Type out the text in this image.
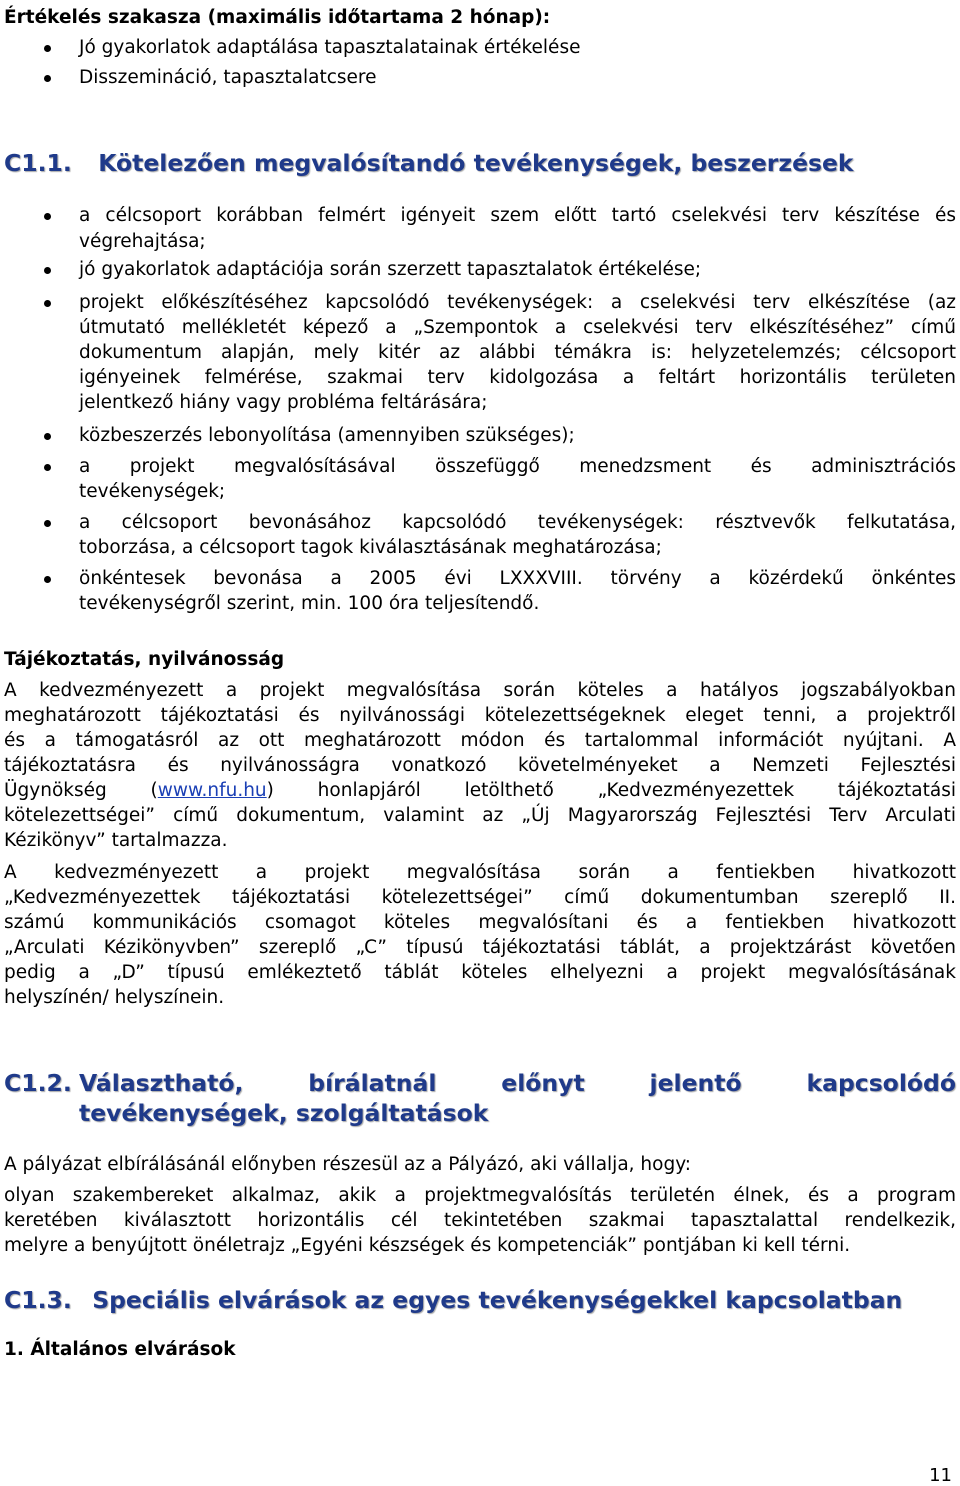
Értékelés szakasza (maximális időtartama 2 hónap):
Jó gyakorlatok adaptálása tapasztalatainak értékelése
Disszemináció, tapasztalatcsere
C1.1. Kötelezően megvalósítandó tevékenységek, beszerzések
a célcsoport korábban felmért igényeit szem előtt tartó cselekvési terv készítése és
végrehajtása;
jó gyakorlatok adaptációja során szerzett tapasztalatok értékelése;
projekt előkészítéséhez kapcsolódó tevékenységek: a cselekvési terv elkészítése (az
útmutató mellékletét képező a „Szempontok a cselekvési terv elkészítéséhez” című
dokumentum alapján, mely kitér az alábbi témákra is: helyzetelemzés; célcsoport
igényeinek felmérése, szakmai terv kidolgozása a feltárt horizontális területen
jelentkező hiány vagy probléma feltárására;
közbeszerzés lebonyolítása (amennyiben szükséges);
a projekt megvalósításával összefüggő menedzsment és adminisztrációs
tevékenységek;
a célcsoport bevonásához kapcsolódó tevékenységek: résztvevők felkutatása,
toborzása, a célcsoport tagok kiválasztásának meghatározása;
önkéntesek bevonása a 2005 évi LXXXVIII. törvény a közérdekű önkéntes
tevékenységről szerint, min. 100 óra teljesítendő.
Tájékoztatás, nyilvánosság
A kedvezményezett a projekt megvalósítása során köteles a hatályos jogszabályokban
meghatározott tájékoztatási és nyilvánossági kötelezettségeknek eleget tenni, a projektről
és a támogatásról az ott meghatározott módon és tartalommal információt nyújtani. A
tájékoztatásra és nyilvánosságra vonatkozó követelményeket a Nemzeti Fejlesztési
Ügynökség (www.nfu.hu) honlapjáról letölthető „Kedvezményezettek tájékoztatási
kötelezettségei” című dokumentum, valamint az „Új Magyarország Fejlesztési Terv Arculati
Kézikönyv” tartalmazza.
A kedvezményezett a projekt megvalósítása során a fentiekben hivatkozott
„Kedvezményezettek tájékoztatási kötelezettségei” című dokumentumban szereplő II.
számú kommunikációs csomagot köteles megvalósítani és a fentiekben hivatkozott
„Arculati Kézikönyvben” szereplő „C” típusú tájékoztatási táblát, a projektzárást követően
pedig a „D” típusú emlékeztető táblát köteles elhelyezni a projekt megvalósításának
helyszínén/ helyszínein.
C1.2. Választható, bírálatnál előnyt jelentő kapcsolódó
tevékenységek, szolgáltatások
A pályázat elbírálásánál előnyben részesül az a Pályázó, aki vállalja, hogy:
olyan szakembereket alkalmaz, akik a projektmegvalósítás területén élnek, és a program
keretében kiválasztott horizontális cél tekintetében szakmai tapasztalattal rendelkezik,
melyre a benyújtott önéletrajz „Egyéni készségek és kompetenciák” pontjában ki kell térni.
C1.3. Speciális elvárások az egyes tevékenységekkel kapcsolatban
1. Általános elvárások
11
